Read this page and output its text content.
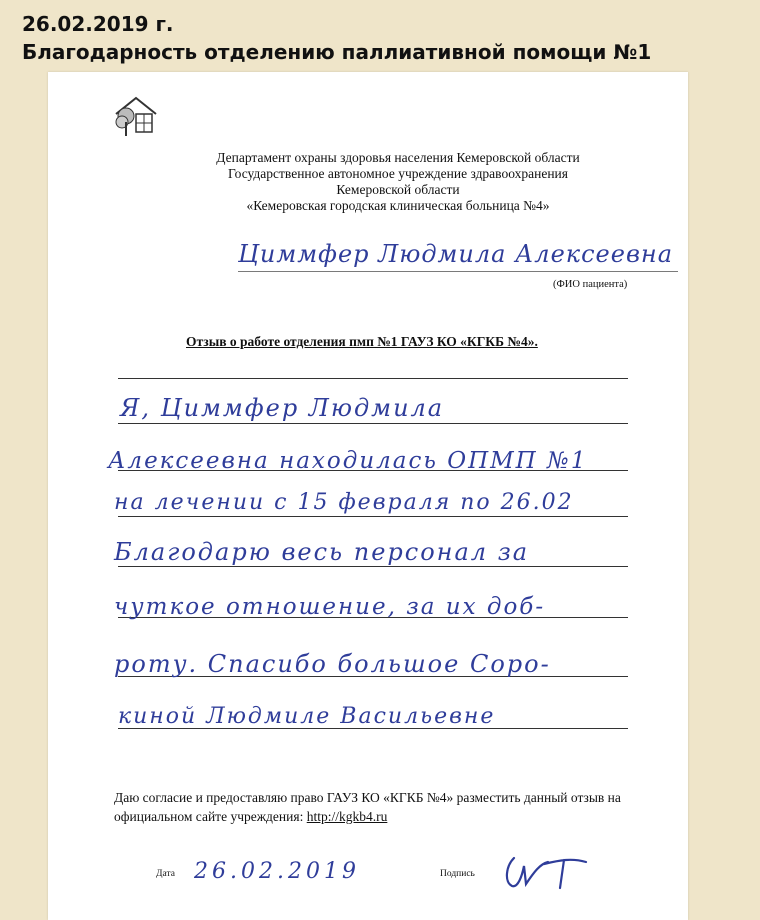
26.02.2019 г.
Благодарность отделению паллиативной помощи №1
Департамент охраны здоровья населения Кемеровской области
Государственное автономное учреждение здравоохранения
Кемеровской области
«Кемеровская городская клиническая больница №4»
Циммфер Людмила Алексеевна
(ФИО пациента)
Отзыв о работе отделения пмп №1 ГАУЗ КО «КГКБ №4».
Я, Циммфер Людмила
Алексеевна находилась ОПМП №1
на лечении с 15 февраля по 26.02
Благодарю весь персонал за
чуткое отношение, за их доб-
роту. Спасибо большое Соро-
киной Людмиле Васильевне
Даю согласие и предоставляю право ГАУЗ КО «КГКБ №4» разместить данный отзыв на официальном сайте учреждения: http://kgkb4.ru
Дата 26.02.2019	Подпись
